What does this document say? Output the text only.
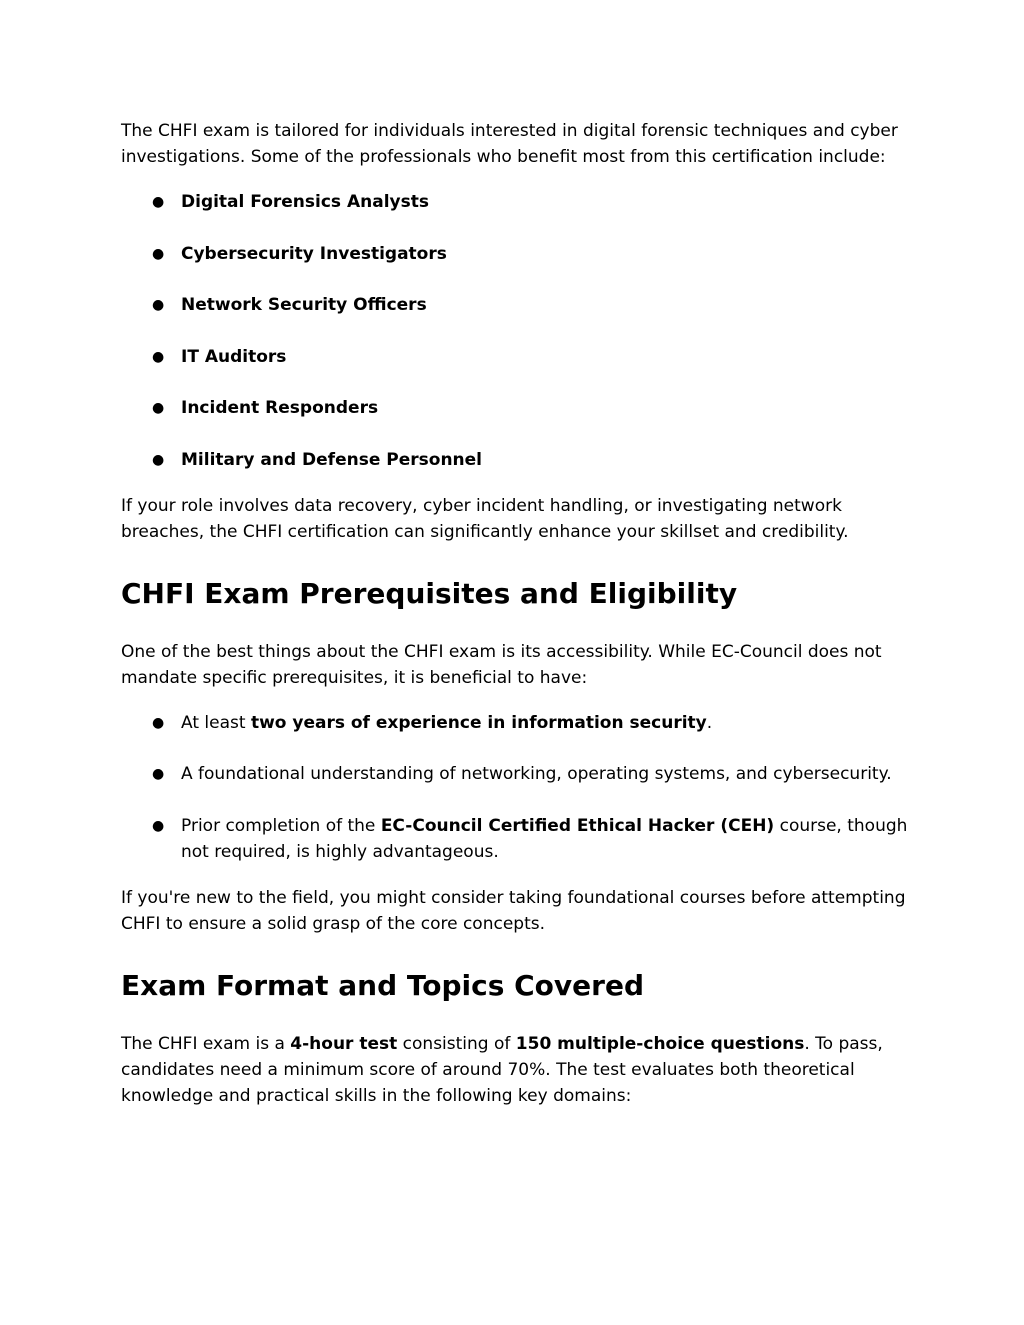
The CHFI exam is tailored for individuals interested in digital forensic techniques and cyber investigations. Some of the professionals who benefit most from this certification include:

● Digital Forensics Analysts
● Cybersecurity Investigators
● Network Security Officers
● IT Auditors
● Incident Responders
● Military and Defense Personnel

If your role involves data recovery, cyber incident handling, or investigating network breaches, the CHFI certification can significantly enhance your skillset and credibility.

CHFI Exam Prerequisites and Eligibility

One of the best things about the CHFI exam is its accessibility. While EC-Council does not mandate specific prerequisites, it is beneficial to have:

● At least two years of experience in information security.
● A foundational understanding of networking, operating systems, and cybersecurity.
● Prior completion of the EC-Council Certified Ethical Hacker (CEH) course, though not required, is highly advantageous.

If you're new to the field, you might consider taking foundational courses before attempting CHFI to ensure a solid grasp of the core concepts.

Exam Format and Topics Covered

The CHFI exam is a 4-hour test consisting of 150 multiple-choice questions. To pass, candidates need a minimum score of around 70%. The test evaluates both theoretical knowledge and practical skills in the following key domains:
